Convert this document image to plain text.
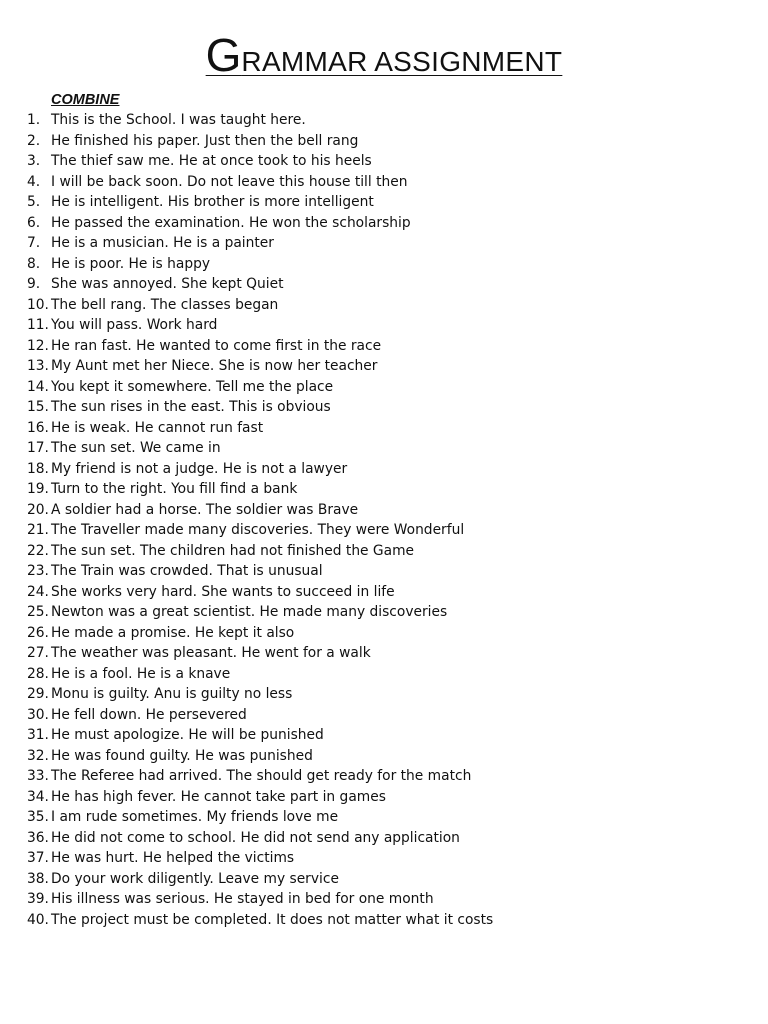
GRAMMAR ASSIGNMENT
COMBINE
1. This is the School. I was taught here.
2. He finished his paper. Just then the bell rang
3. The thief saw me. He at once took to his heels
4. I will be back soon. Do not leave this house till then
5. He is intelligent. His brother is more intelligent
6. He passed the examination. He won the scholarship
7. He is a musician. He is a painter
8. He is poor. He is happy
9. She was annoyed. She kept Quiet
10. The bell rang. The classes began
11. You will pass. Work hard
12. He ran fast. He wanted to come first in the race
13. My Aunt met her Niece. She is now her teacher
14. You kept it somewhere. Tell me the place
15. The sun rises in the east. This is obvious
16. He is weak. He cannot run fast
17. The sun set. We came in
18. My friend is not a judge. He is not a lawyer
19. Turn to the right. You fill find a bank
20. A soldier had a horse. The soldier was Brave
21. The Traveller made many discoveries. They were Wonderful
22. The sun set. The children had not finished the Game
23. The Train was crowded. That is unusual
24. She works very hard. She wants to succeed in life
25. Newton was a great scientist. He made many discoveries
26. He made a promise. He kept it also
27. The weather was pleasant. He went for a walk
28. He is a fool. He is a knave
29. Monu is guilty. Anu is guilty no less
30. He fell down. He persevered
31. He must apologize. He will be punished
32. He was found guilty. He was punished
33. The Referee had arrived. The should get ready for the match
34. He has high fever. He cannot take part in games
35. I am rude sometimes. My friends love me
36. He did not come to school. He did not send any application
37. He was hurt. He helped the victims
38. Do your work diligently. Leave my service
39. His illness was serious. He stayed in bed for one month
40. The project must be completed. It does not matter what it costs
